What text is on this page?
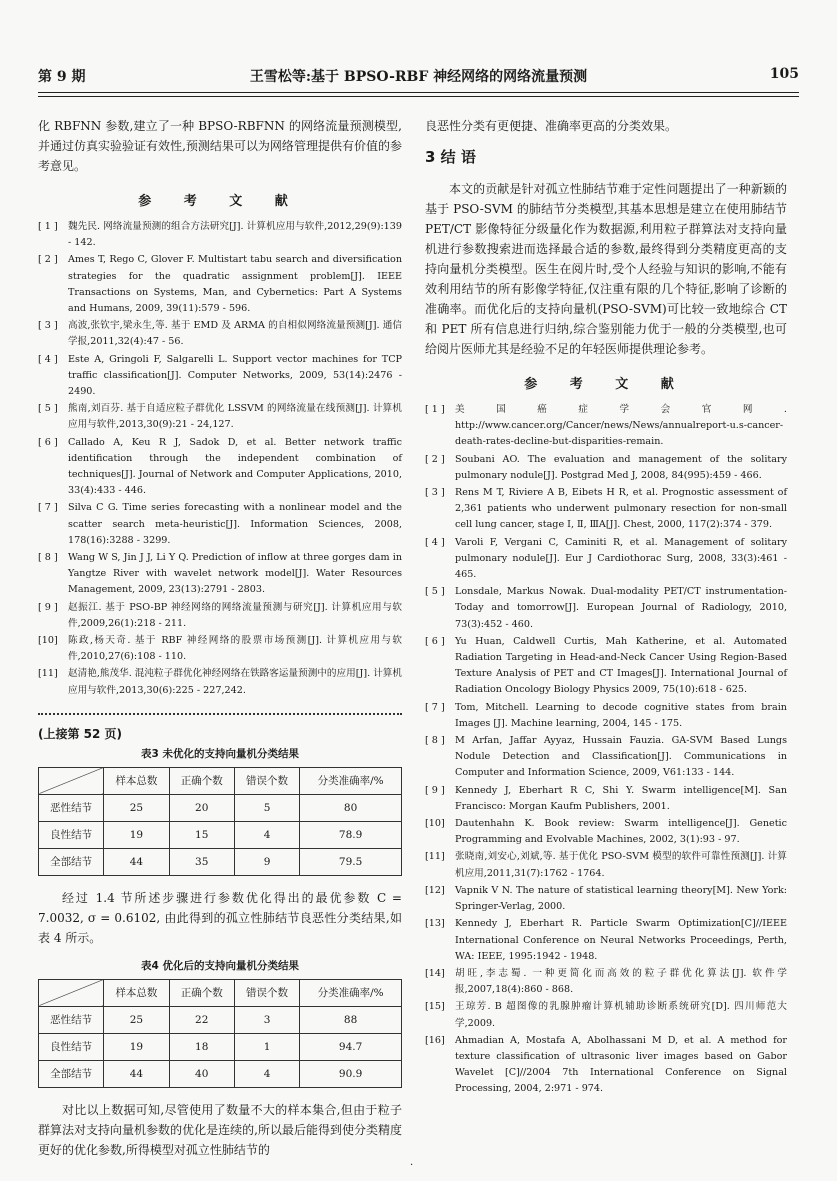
第 9 期	王雪松等:基于 BPSO-RBF 神经网络的网络流量预测	105

化 RBFNN 参数,建立了一种 BPSO-RBFNN 的网络流量预测模型,并通过仿真实验验证有效性,预测结果可以为网络管理提供有价值的参考意见。

参 考 文 献
[ 1 ]	魏先民. 网络流量预测的组合方法研究[J]. 计算机应用与软件,2012,29(9):139 - 142.
[ 2 ]	Ames T, Rego C, Glover F. Multistart tabu search and diversification strategies for the quadratic assignment problem[J]. IEEE Transactions on Systems, Man, and Cybernetics: Part A Systems and Humans, 2009, 39(11):579 - 596.
[ 3 ]	高波,张钦宇,梁永生,等. 基于 EMD 及 ARMA 的自相似网络流量预测[J]. 通信学报,2011,32(4):47 - 56.
[ 4 ]	Este A, Gringoli F, Salgarelli L. Support vector machines for TCP traffic classification[J]. Computer Networks, 2009, 53(14):2476 - 2490.
[ 5 ]	熊南,刘百芬. 基于自适应粒子群优化 LSSVM 的网络流量在线预测[J]. 计算机应用与软件,2013,30(9):21 - 24,127.
[ 6 ]	Callado A, Keu R J, Sadok D, et al. Better network traffic identification through the independent combination of techniques[J]. Journal of Network and Computer Applications, 2010, 33(4):433 - 446.
[ 7 ]	Silva C G. Time series forecasting with a nonlinear model and the scatter search meta-heuristic[J]. Information Sciences, 2008, 178(16):3288 - 3299.
[ 8 ]	Wang W S, Jin J J, Li Y Q. Prediction of inflow at three gorges dam in Yangtze River with wavelet network model[J]. Water Resources Management, 2009, 23(13):2791 - 2803.
[ 9 ]	赵振江. 基于 PSO-BP 神经网络的网络流量预测与研究[J]. 计算机应用与软件,2009,26(1):218 - 211.
[10]	陈政,杨天奇. 基于 RBF 神经网络的股票市场预测[J]. 计算机应用与软件,2010,27(6):108 - 110.
[11]	赵清艳,熊茂华. 混沌粒子群优化神经网络在铁路客运量预测中的应用[J]. 计算机应用与软件,2013,30(6):225 - 227,242.
(上接第 52 页)
表3 未优化的支持向量机分类结果
	样本总数	正确个数	错误个数	分类准确率/%
恶性结节	25	20	5	80
良性结节	19	15	4	78.9
全部结节	44	35	9	79.5

经过 1.4 节所述步骤进行参数优化得出的最优参数 C = 7.0032, σ = 0.6102, 由此得到的孤立性肺结节良恶性分类结果,如表 4 所示。

表4 优化后的支持向量机分类结果
	样本总数	正确个数	错误个数	分类准确率/%
恶性结节	25	22	3	88
良性结节	19	18	1	94.7
全部结节	44	40	4	90.9

对比以上数据可知,尽管使用了数量不大的样本集合,但由于粒子群算法对支持向量机参数的优化是连续的,所以最后能得到使分类精度更好的优化参数,所得模型对孤立性肺结节的

良恶性分类有更便捷、准确率更高的分类效果。

3 结 语

本文的贡献是针对孤立性肺结节难于定性问题提出了一种新颖的基于 PSO-SVM 的肺结节分类模型,其基本思想是建立在使用肺结节 PET/CT 影像特征分级量化作为数据源,利用粒子群算法对支持向量机进行参数搜索进而选择最合适的参数,最终得到分类精度更高的支持向量机分类模型。医生在阅片时,受个人经验与知识的影响,不能有效利用结节的所有影像学特征,仅注重有限的几个特征,影响了诊断的准确率。而优化后的支持向量机(PSO-SVM)可比较一致地综合 CT 和 PET 所有信息进行归纳,综合鉴别能力优于一般的分类模型,也可给阅片医师尤其是经验不足的年轻医师提供理论参考。

参 考 文 献
[ 1 ]	美国癌症学会官网. http://www.cancer.org/Cancer/news/News/annualreport-u.s-cancer-death-rates-decline-but-disparities-remain.
[ 2 ]	Soubani AO. The evaluation and management of the solitary pulmonary nodule[J]. Postgrad Med J, 2008, 84(995):459 - 466.
[ 3 ]	Rens M T, Riviere A B, Eibets H R, et al. Prognostic assessment of 2,361 patients who underwent pulmonary resection for non-small cell lung cancer, stage Ⅰ, Ⅱ, ⅢA[J]. Chest, 2000, 117(2):374 - 379.
[ 4 ]	Varoli F, Vergani C, Caminiti R, et al. Management of solitary pulmonary nodule[J]. Eur J Cardiothorac Surg, 2008, 33(3):461 - 465.
[ 5 ]	Lonsdale, Markus Nowak. Dual-modality PET/CT instrumentation-Today and tomorrow[J]. European Journal of Radiology, 2010, 73(3):452 - 460.
[ 6 ]	Yu Huan, Caldwell Curtis, Mah Katherine, et al. Automated Radiation Targeting in Head-and-Neck Cancer Using Region-Based Texture Analysis of PET and CT Images[J]. International Journal of Radiation Oncology Biology Physics 2009, 75(10):618 - 625.
[ 7 ]	Tom, Mitchell. Learning to decode cognitive states from brain Images [J]. Machine learning, 2004, 145 - 175.
[ 8 ]	M Arfan, Jaffar Ayyaz, Hussain Fauzia. GA-SVM Based Lungs Nodule Detection and Classification[J]. Communications in Computer and Information Science, 2009, V61:133 - 144.
[ 9 ]	Kennedy J, Eberhart R C, Shi Y. Swarm intelligence[M]. San Francisco: Morgan Kaufm Publishers, 2001.
[10]	Dautenhahn K. Book review: Swarm intelligence[J]. Genetic Programming and Evolvable Machines, 2002, 3(1):93 - 97.
[11]	张晓南,刘安心,刘斌,等. 基于优化 PSO-SVM 模型的软件可靠性预测[J]. 计算机应用,2011,31(7):1762 - 1764.
[12]	Vapnik V N. The nature of statistical learning theory[M]. New York: Springer-Verlag, 2000.
[13]	Kennedy J, Eberhart R. Particle Swarm Optimization[C]//IEEE International Conference on Neural Networks Proceedings, Perth, WA: IEEE, 1995:1942 - 1948.
[14]	胡旺,李志蜀. 一种更简化而高效的粒子群优化算法[J]. 软件学报,2007,18(4):860 - 868.
[15]	王琼芳. B 超图像的乳腺肿瘤计算机辅助诊断系统研究[D]. 四川师范大学,2009.
[16]	Ahmadian A, Mostafa A, Abolhassani M D, et al. A method for texture classification of ultrasonic liver images based on Gabor Wavelet [C]//2004 7th International Conference on Signal Processing, 2004, 2:971 - 974.
·
